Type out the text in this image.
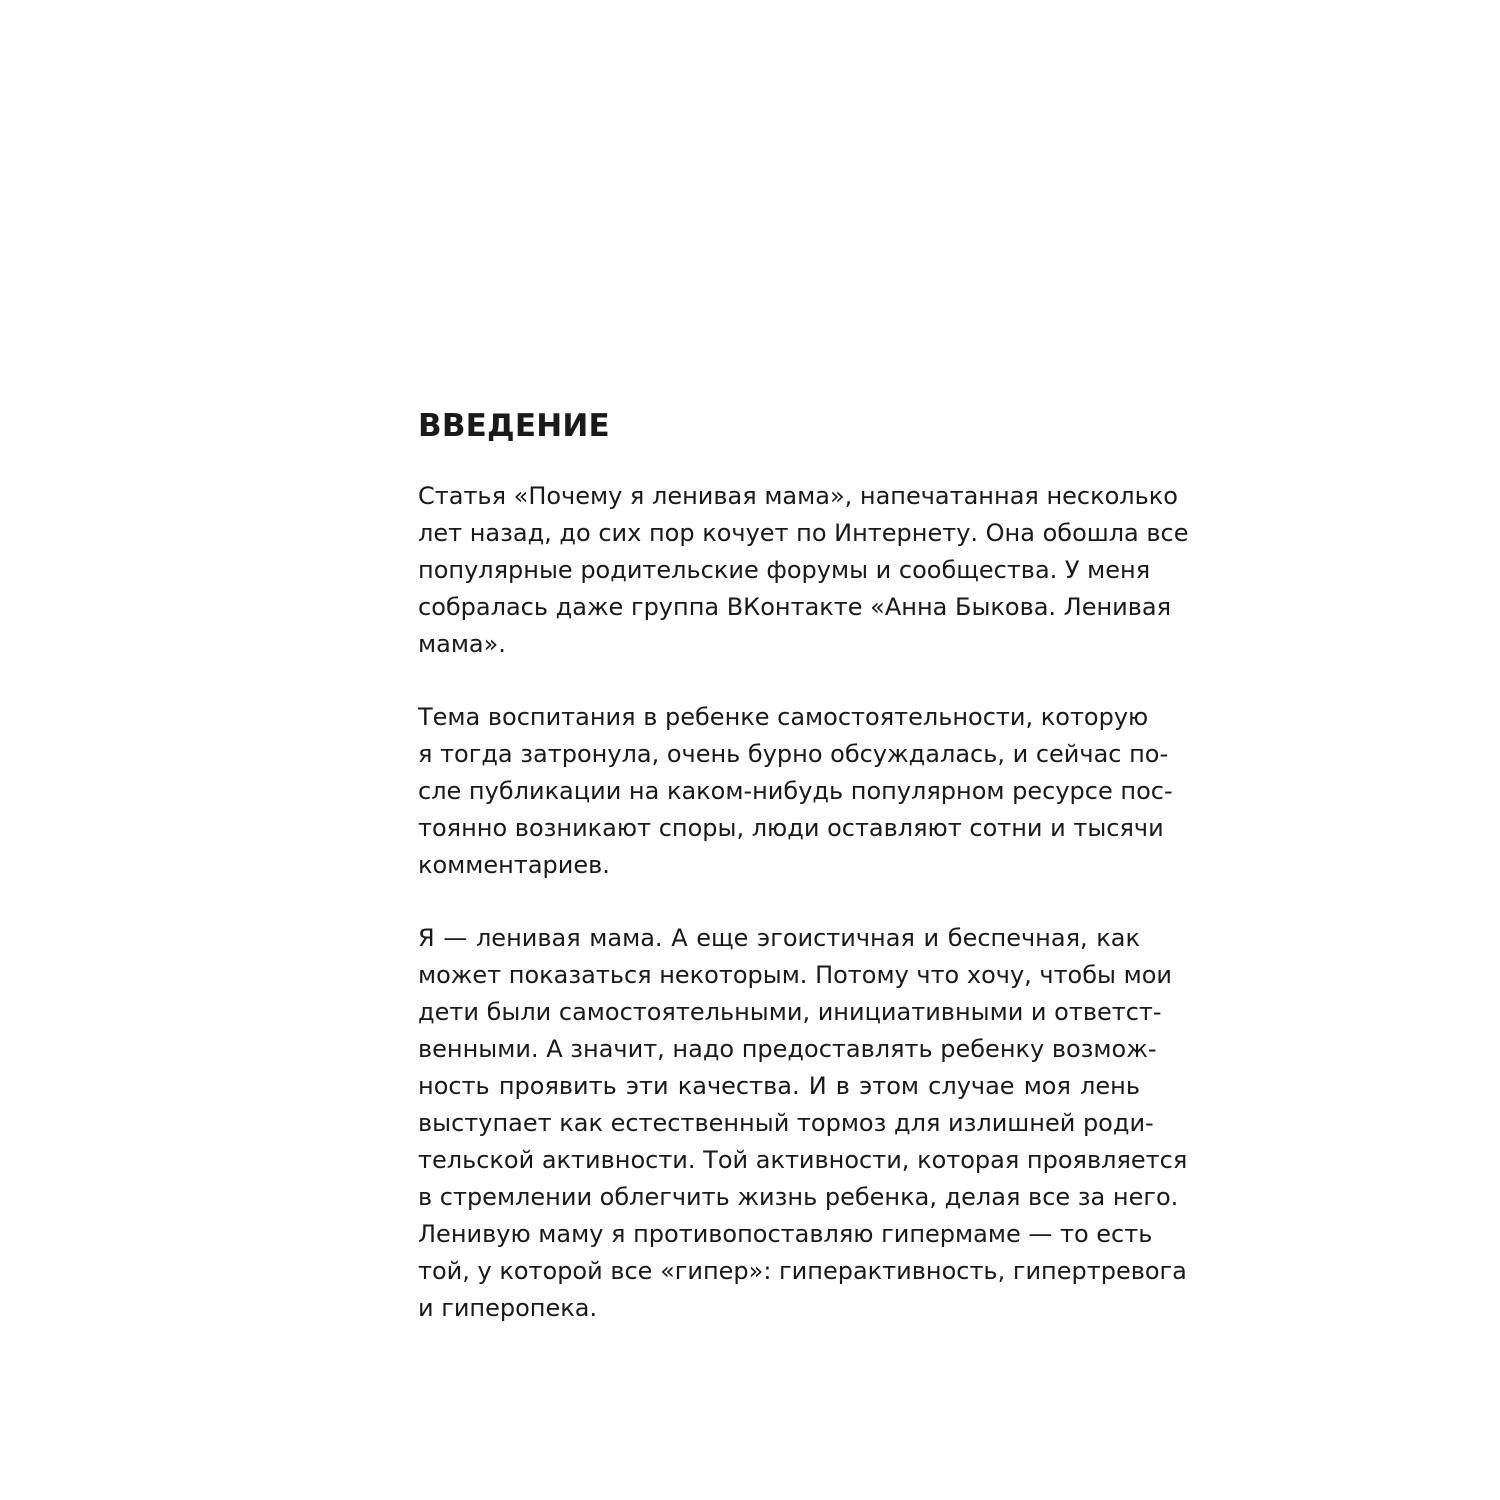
ВВЕДЕНИЕ
Статья «Почему я ленивая мама», напечатанная несколько
лет назад, до сих пор кочует по Интернету. Она обошла все
популярные родительские форумы и сообщества. У меня
собралась даже группа ВКонтакте «Анна Быкова. Ленивая
мама».
Тема воспитания в ребенке самостоятельности, которую
я тогда затронула, очень бурно обсуждалась, и сейчас по-
сле публикации на каком-нибудь популярном ресурсе пос-
тоянно возникают споры, люди оставляют сотни и тысячи
комментариев.
Я — ленивая мама. А еще эгоистичная и беспечная, как
может показаться некоторым. Потому что хочу, чтобы мои
дети были самостоятельными, инициативными и ответст-
венными. А значит, надо предоставлять ребенку возмож-
ность проявить эти качества. И в этом случае моя лень
выступает как естественный тормоз для излишней роди-
тельской активности. Той активности, которая проявляется
в стремлении облегчить жизнь ребенка, делая все за него.
Ленивую маму я противопоставляю гипермаме — то есть
той, у которой все «гипер»: гиперактивность, гипертревога
и гиперопека.
